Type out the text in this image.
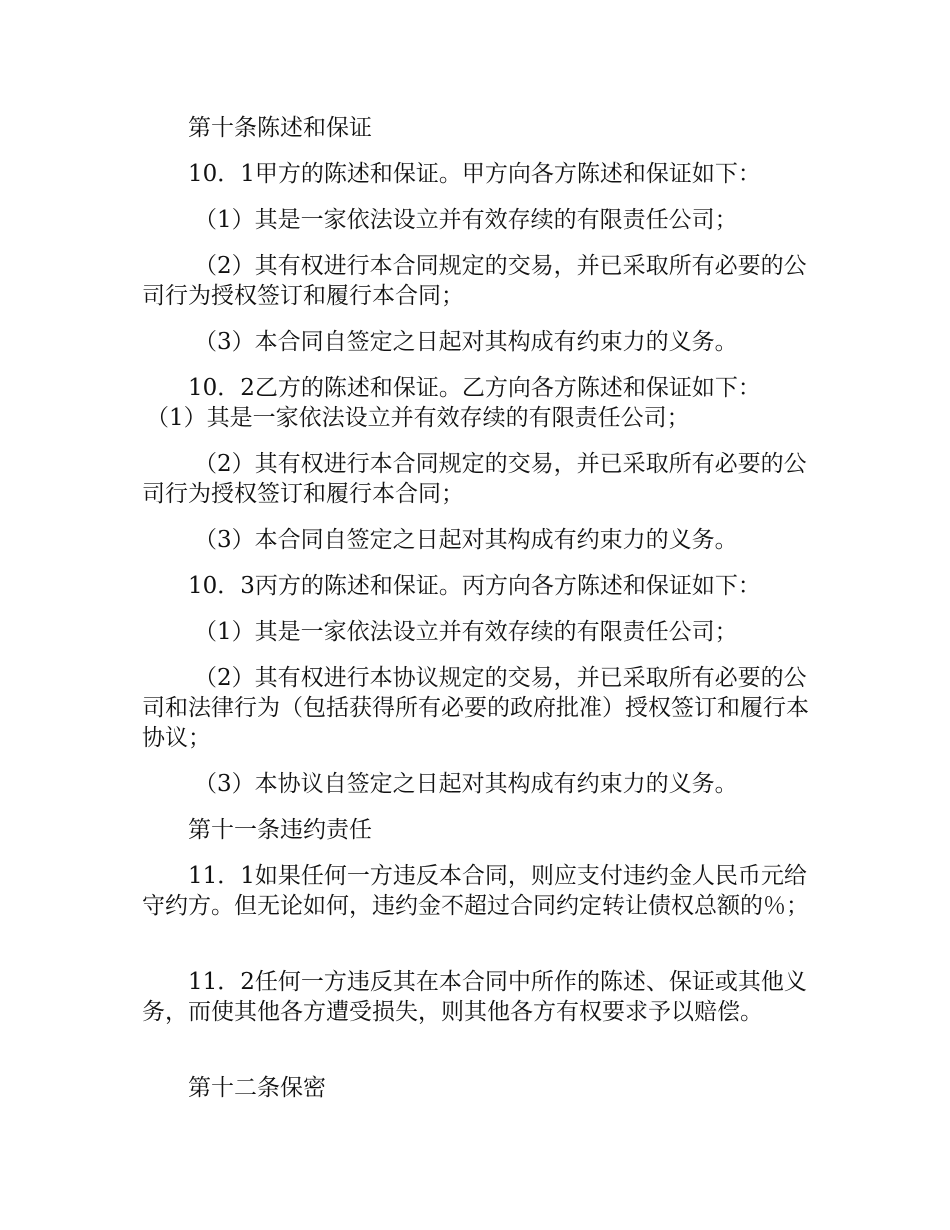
第十条陈述和保证

10．1甲方的陈述和保证。甲方向各方陈述和保证如下：

（1）其是一家依法设立并有效存续的有限责任公司；

（2）其有权进行本合同规定的交易，并已采取所有必要的公司行为授权签订和履行本合同；

（3）本合同自签定之日起对其构成有约束力的义务。

10．2乙方的陈述和保证。乙方向各方陈述和保证如下：

（1）其是一家依法设立并有效存续的有限责任公司；

（2）其有权进行本合同规定的交易，并已采取所有必要的公司行为授权签订和履行本合同；

（3）本合同自签定之日起对其构成有约束力的义务。

10．3丙方的陈述和保证。丙方向各方陈述和保证如下：

（1）其是一家依法设立并有效存续的有限责任公司；

（2）其有权进行本协议规定的交易，并已采取所有必要的公司和法律行为（包括获得所有必要的政府批准）授权签订和履行本协议；

（3）本协议自签定之日起对其构成有约束力的义务。

第十一条违约责任

11．1如果任何一方违反本合同，则应支付违约金人民币元给守约方。但无论如何，违约金不超过合同约定转让债权总额的％；

11．2任何一方违反其在本合同中所作的陈述、保证或其他义务，而使其他各方遭受损失，则其他各方有权要求予以赔偿。

第十二条保密
